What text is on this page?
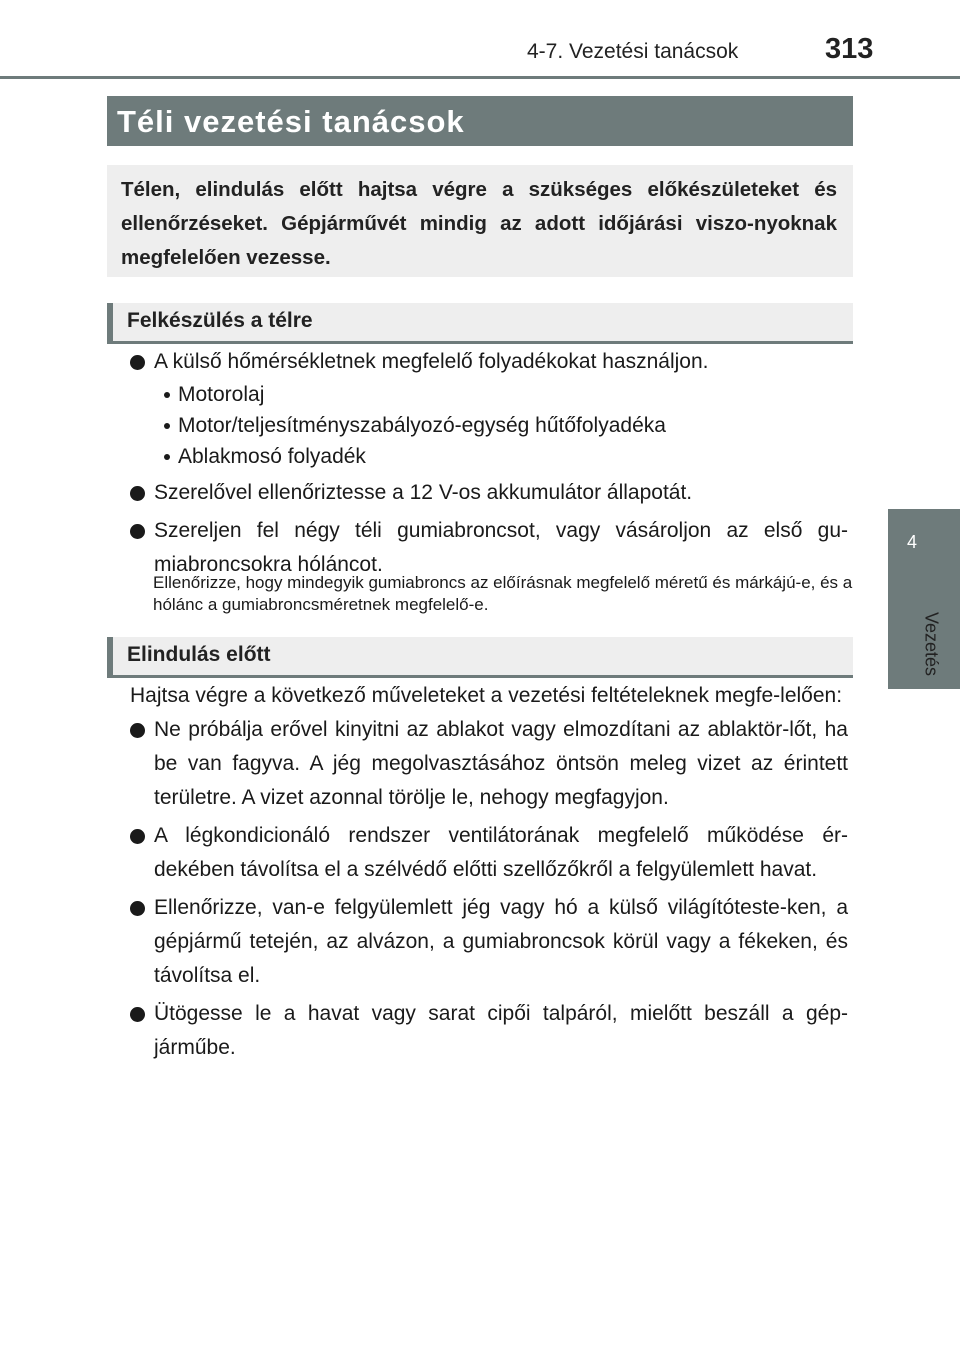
4-7. Vezetési tanácsok	313
4
Vezetés
Téli vezetési tanácsok
Télen, elindulás előtt hajtsa végre a szükséges előkészületeket és ellenőrzéseket. Gépjárművét mindig az adott időjárási viszo-nyoknak megfelelően vezesse.
Felkészülés a télre
A külső hőmérsékletnek megfelelő folyadékokat használjon.
Motorolaj
Motor/teljesítményszabályozó-egység hűtőfolyadéka
Ablakmosó folyadék
Szerelővel ellenőriztesse a 12 V-os akkumulátor állapotát.
Szereljen fel négy téli gumiabroncsot, vagy vásároljon az első gu-miabroncsokra hóláncot.
Ellenőrizze, hogy mindegyik gumiabroncs az előírásnak megfelelő méretű és márkájú-e, és a hólánc a gumiabroncsméretnek megfelelő-e.
Elindulás előtt
Hajtsa végre a következő műveleteket a vezetési feltételeknek megfe-lelően:
Ne próbálja erővel kinyitni az ablakot vagy elmozdítani az ablaktör-lőt, ha be van fagyva. A jég megolvasztásához öntsön meleg vizet az érintett területre. A vizet azonnal törölje le, nehogy megfagyjon.
A légkondicionáló rendszer ventilátorának megfelelő működése ér-dekében távolítsa el a szélvédő előtti szellőzőkről a felgyülemlett havat.
Ellenőrizze, van-e felgyülemlett jég vagy hó a külső világítóteste-ken, a gépjármű tetején, az alvázon, a gumiabroncsok körül vagy a fékeken, és távolítsa el.
Ütögesse le a havat vagy sarat cipői talpáról, mielőtt beszáll a gép-járműbe.
